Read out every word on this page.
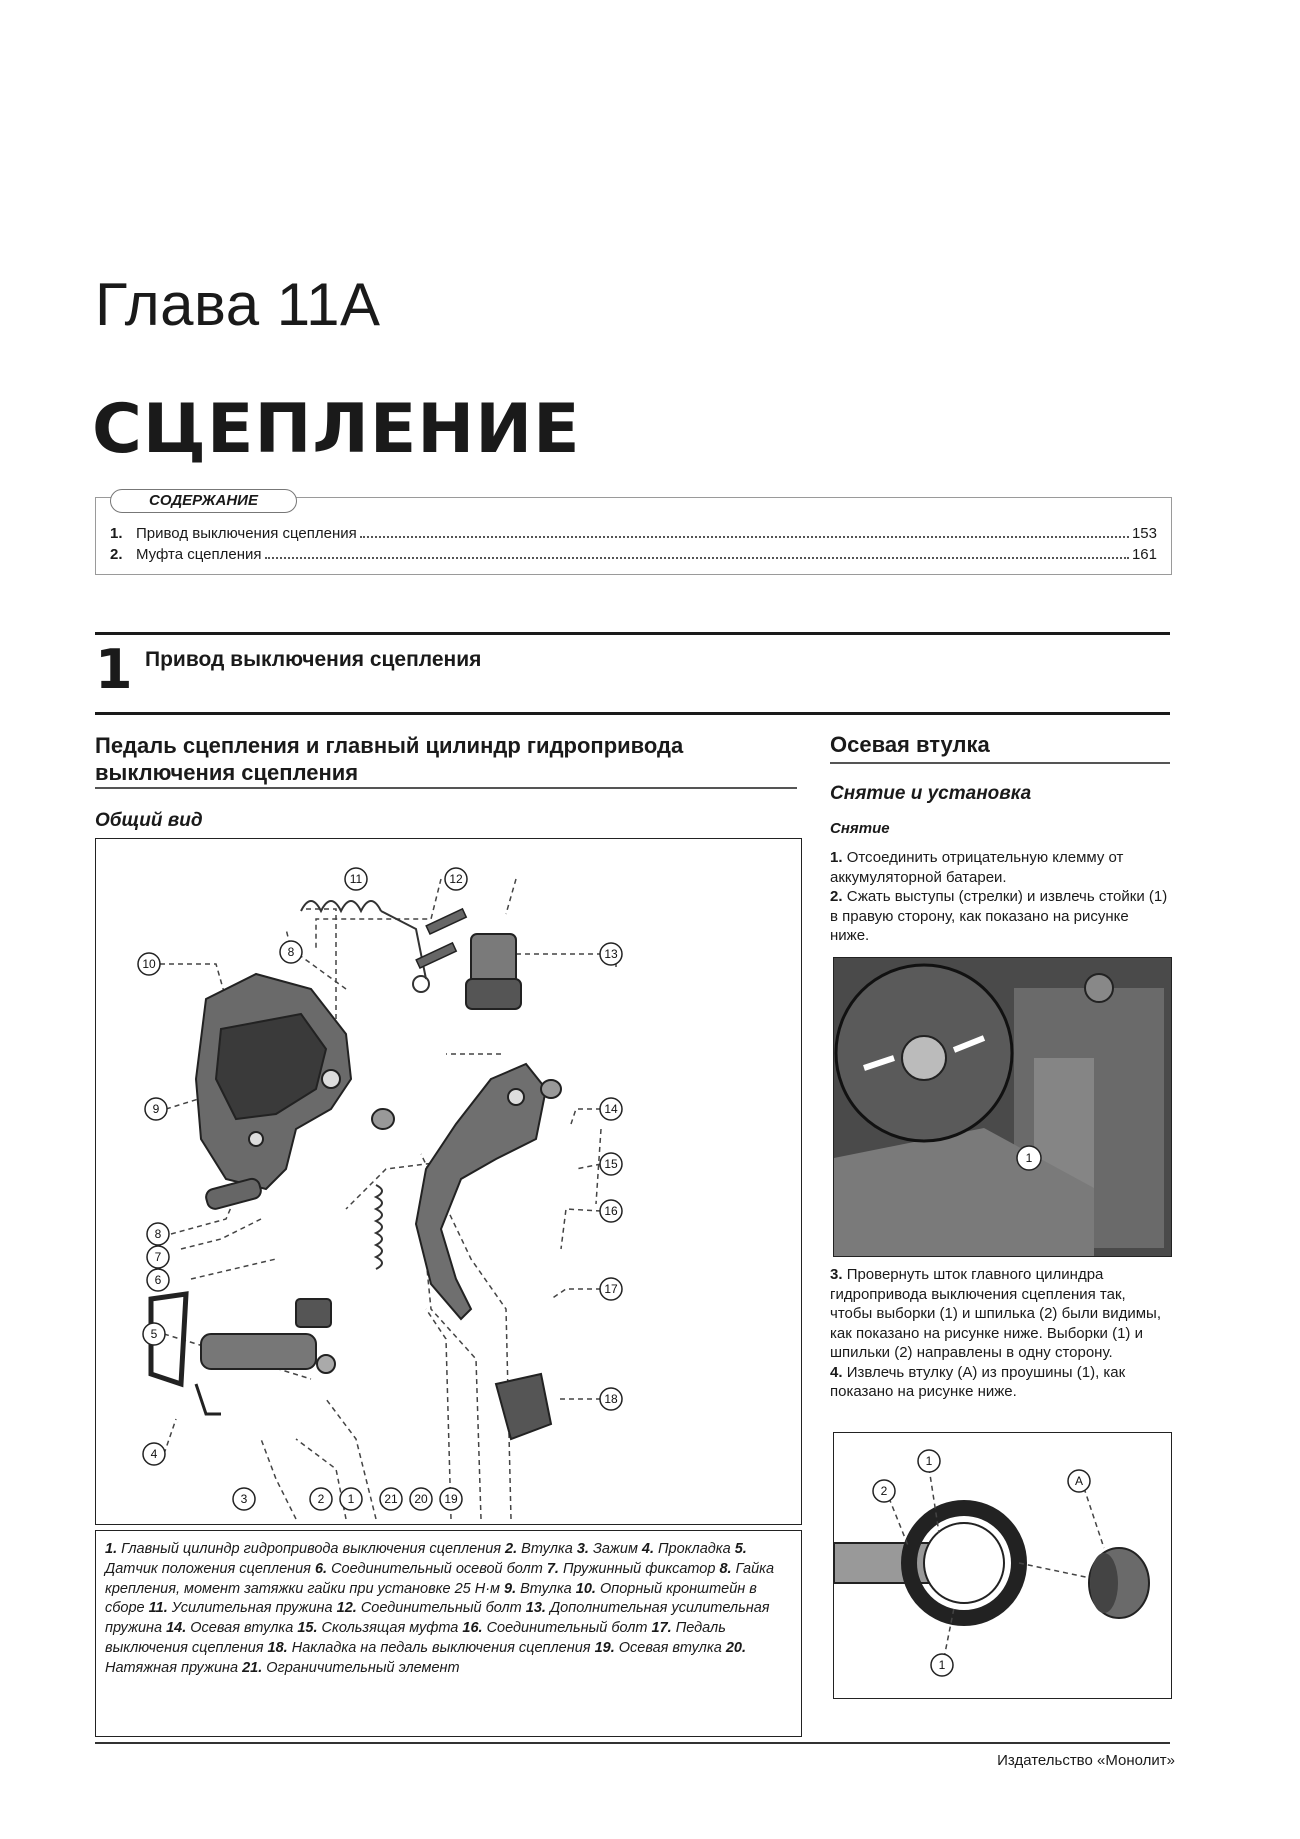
Глава 11А
СЦЕПЛЕНИЕ
СОДЕРЖАНИЕ
1. Привод выключения сцепления	153
2. Муфта сцепления	161
1 Привод выключения сцепления
Педаль сцепления и главный цилиндр гидропривода выключения сцепления
Общий вид
10
8
11	12
13
9	14
15
16
17
18
8
7
6
5
4
3	2 1 21 20 19
1. Главный цилиндр гидропривода выключения сцепления 2. Втулка 3. Зажим 4. Прокладка 5. Датчик положения сцепления 6. Соединительный осевой болт 7. Пружинный фиксатор 8. Гайка крепления, момент затяжки гайки при установке 25 Н·м 9. Втулка 10. Опорный кронштейн в сборе 11. Усилительная пружина 12. Соединительный болт 13. Дополнительная усилительная пружина 14. Осевая втулка 15. Скользящая муфта 16. Соединительный болт 17. Педаль выключения сцепления 18. Накладка на педаль выключения сцепления 19. Осевая втулка 20. Натяжная пружина 21. Ограничительный элемент
Осевая втулка
Снятие и установка
Снятие
1. Отсоединить отрицательную клемму от аккумуляторной батареи.
2. Сжать выступы (стрелки) и извлечь стойки (1) в правую сторону, как показано на рисунке ниже.
1
3. Провернуть шток главного цилиндра гидропривода выключения сцепления так, чтобы выборки (1) и шпилька (2) были видимы, как показано на рисунке ниже. Выборки (1) и шпильки (2) направлены в одну сторону.
4. Извлечь втулку (А) из проушины (1), как показано на рисунке ниже.
1
2
1
А
Издательство «Монолит»
